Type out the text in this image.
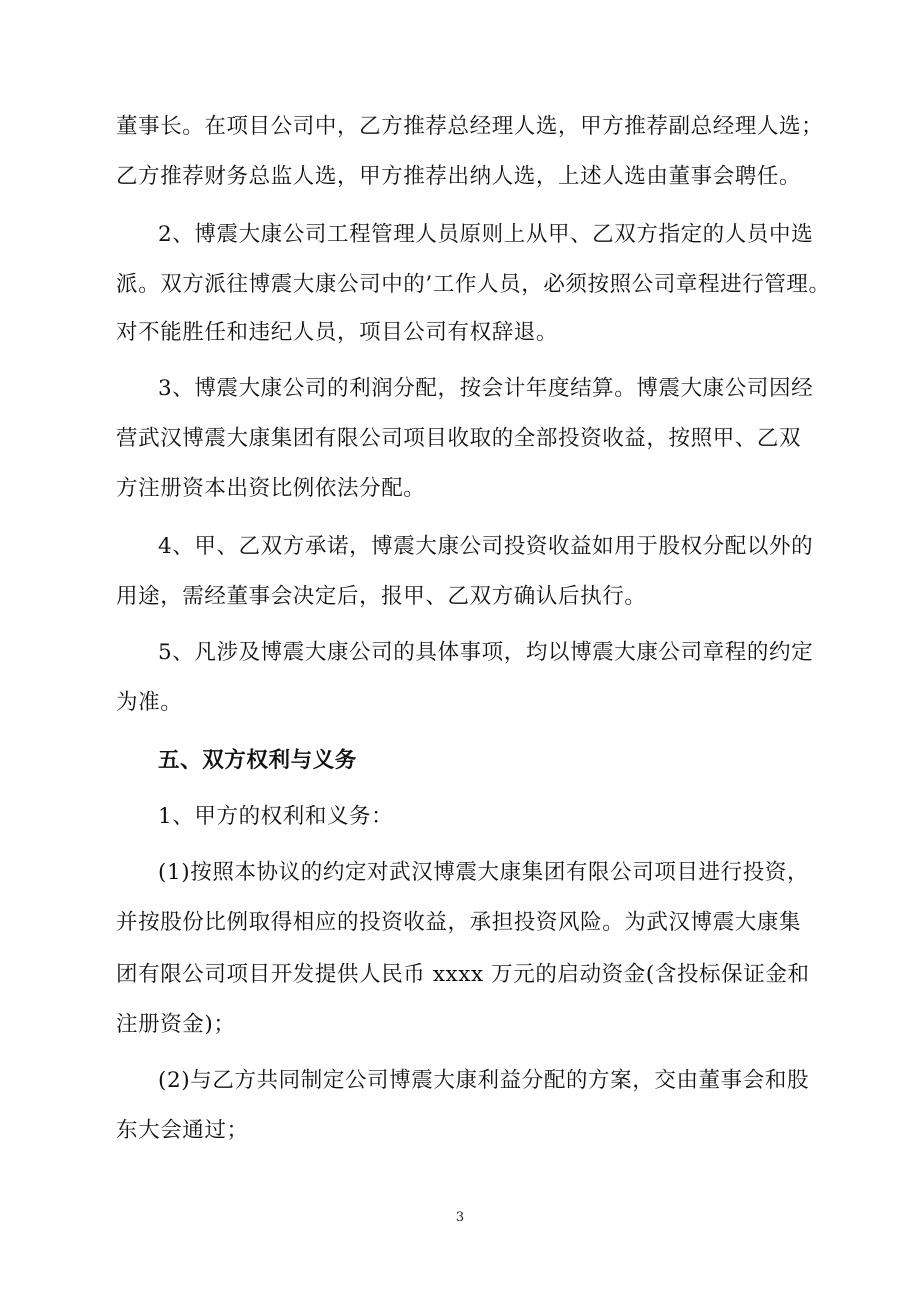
董事长。在项目公司中，乙方推荐总经理人选，甲方推荐副总经理人选；
乙方推荐财务总监人选，甲方推荐出纳人选，上述人选由董事会聘任。
2、博震大康公司工程管理人员原则上从甲、乙双方指定的人员中选
派。双方派往博震大康公司中的’工作人员，必须按照公司章程进行管理。
对不能胜任和违纪人员，项目公司有权辞退。
3、博震大康公司的利润分配，按会计年度结算。博震大康公司因经
营武汉博震大康集团有限公司项目收取的全部投资收益，按照甲、乙双
方注册资本出资比例依法分配。
4、甲、乙双方承诺，博震大康公司投资收益如用于股权分配以外的
用途，需经董事会决定后，报甲、乙双方确认后执行。
5、凡涉及博震大康公司的具体事项，均以博震大康公司章程的约定
为准。
五、双方权利与义务
1、甲方的权利和义务：
(1)按照本协议的约定对武汉博震大康集团有限公司项目进行投资，
并按股份比例取得相应的投资收益，承担投资风险。为武汉博震大康集
团有限公司项目开发提供人民币 xxxx 万元的启动资金(含投标保证金和
注册资金)；
(2)与乙方共同制定公司博震大康利益分配的方案，交由董事会和股
东大会通过；
3
